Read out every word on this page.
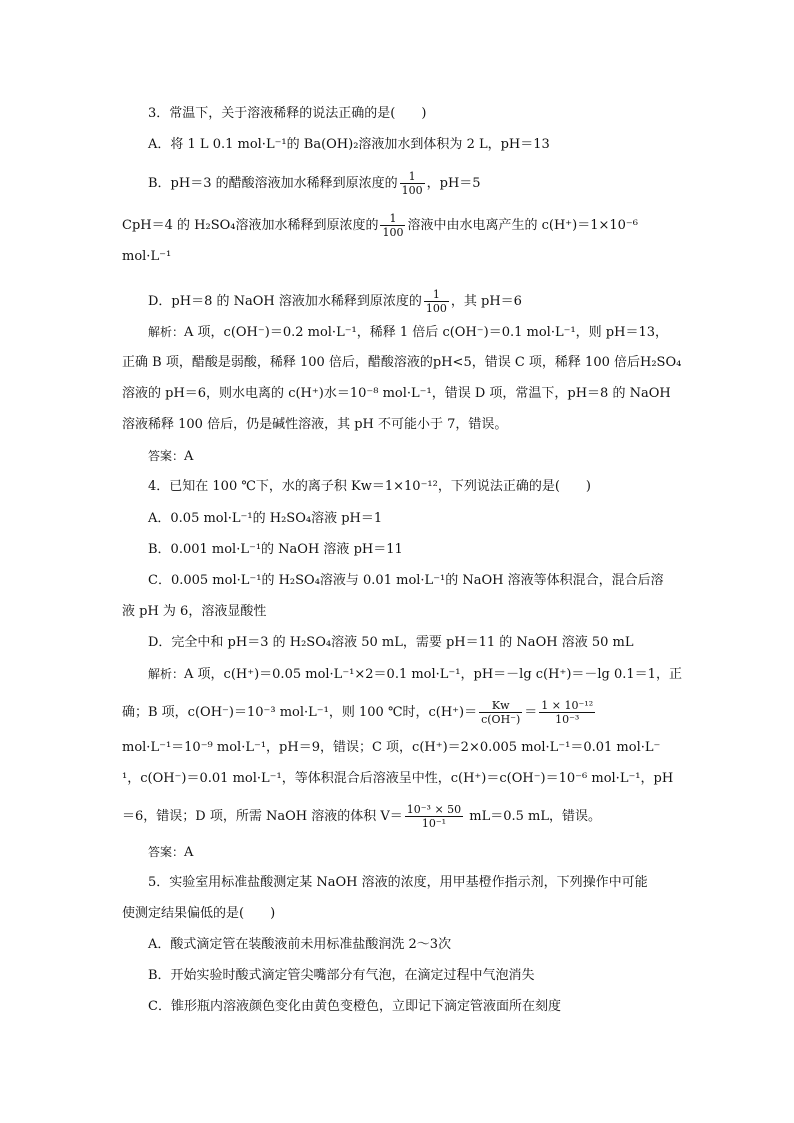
3．常温下，关于溶液稀释的说法正确的是(　　)
A．将 1 L 0.1 mol·L⁻¹的 Ba(OH)₂溶液加水到体积为 2 L，pH＝13
B．pH＝3 的醋酸溶液加水稀释到原浓度的 $\frac{1}{100}$ ，pH＝5
CpH＝4 的 H₂SO₄溶液加水稀释到原浓度的 $\frac{1}{100}$ 溶液中由水电离产生的 c(H⁺)＝1×10⁻⁶
mol·L⁻¹
D．pH＝8 的 NaOH 溶液加水稀释到原浓度的 $\frac{1}{100}$ ，其 pH＝6
解析：A 项，c(OH⁻)＝0.2 mol·L⁻¹，稀释 1 倍后 c(OH⁻)＝0.1 mol·L⁻¹，则 pH＝13，
正确 B 项，醋酸是弱酸，稀释 100 倍后，醋酸溶液的pH<5，错误 C 项，稀释 100 倍后H₂SO₄
溶液的 pH＝6，则水电离的 c(H⁺)水＝10⁻⁸ mol·L⁻¹，错误 D 项，常温下，pH＝8 的 NaOH
溶液稀释 100 倍后，仍是碱性溶液，其 pH 不可能小于 7，错误。
答案：A
4．已知在 100 ℃下，水的离子积 Kw＝1×10⁻¹²，下列说法正确的是(　　)
A．0.05 mol·L⁻¹的 H₂SO₄溶液 pH＝1
B．0.001 mol·L⁻¹的 NaOH 溶液 pH＝11
C．0.005 mol·L⁻¹的 H₂SO₄溶液与 0.01 mol·L⁻¹的 NaOH 溶液等体积混合，混合后溶
液 pH 为 6，溶液显酸性
D．完全中和 pH＝3 的 H₂SO₄溶液 50 mL，需要 pH＝11 的 NaOH 溶液 50 mL
解析：A 项，c(H⁺)＝0.05 mol·L⁻¹×2＝0.1 mol·L⁻¹，pH＝－lg c(H⁺)＝－lg 0.1＝1，正
确；B 项，c(OH⁻)＝10⁻³ mol·L⁻¹，则 100 ℃时，$c(H^+)= \frac{Kw}{c(OH^-)} = \frac{\text{1 × 10⁻¹²}}{\text{10⁻³}}$
mol·L⁻¹＝10⁻⁹ mol·L⁻¹，pH＝9，错误；C 项，c(H⁺)＝2×0.005 mol·L⁻¹＝0.01 mol·L⁻
¹，c(OH⁻)＝0.01 mol·L⁻¹，等体积混合后溶液呈中性，c(H⁺)＝c(OH⁻)＝10⁻⁶ mol·L⁻¹，pH
＝6，错误；D 项，所需 NaOH 溶液的体积 $V= \frac{\text{10⁻³ × 50}}{\text{10⁻¹}} mL=0.5$ mL，错误。
答案：A
5．实验室用标准盐酸测定某 NaOH 溶液的浓度，用甲基橙作指示剂，下列操作中可能
使测定结果偏低的是(　　)
A．酸式滴定管在装酸液前未用标准盐酸润洗 2～3次
B．开始实验时酸式滴定管尖嘴部分有气泡，在滴定过程中气泡消失
C．锥形瓶内溶液颜色变化由黄色变橙色，立即记下滴定管液面所在刻度
